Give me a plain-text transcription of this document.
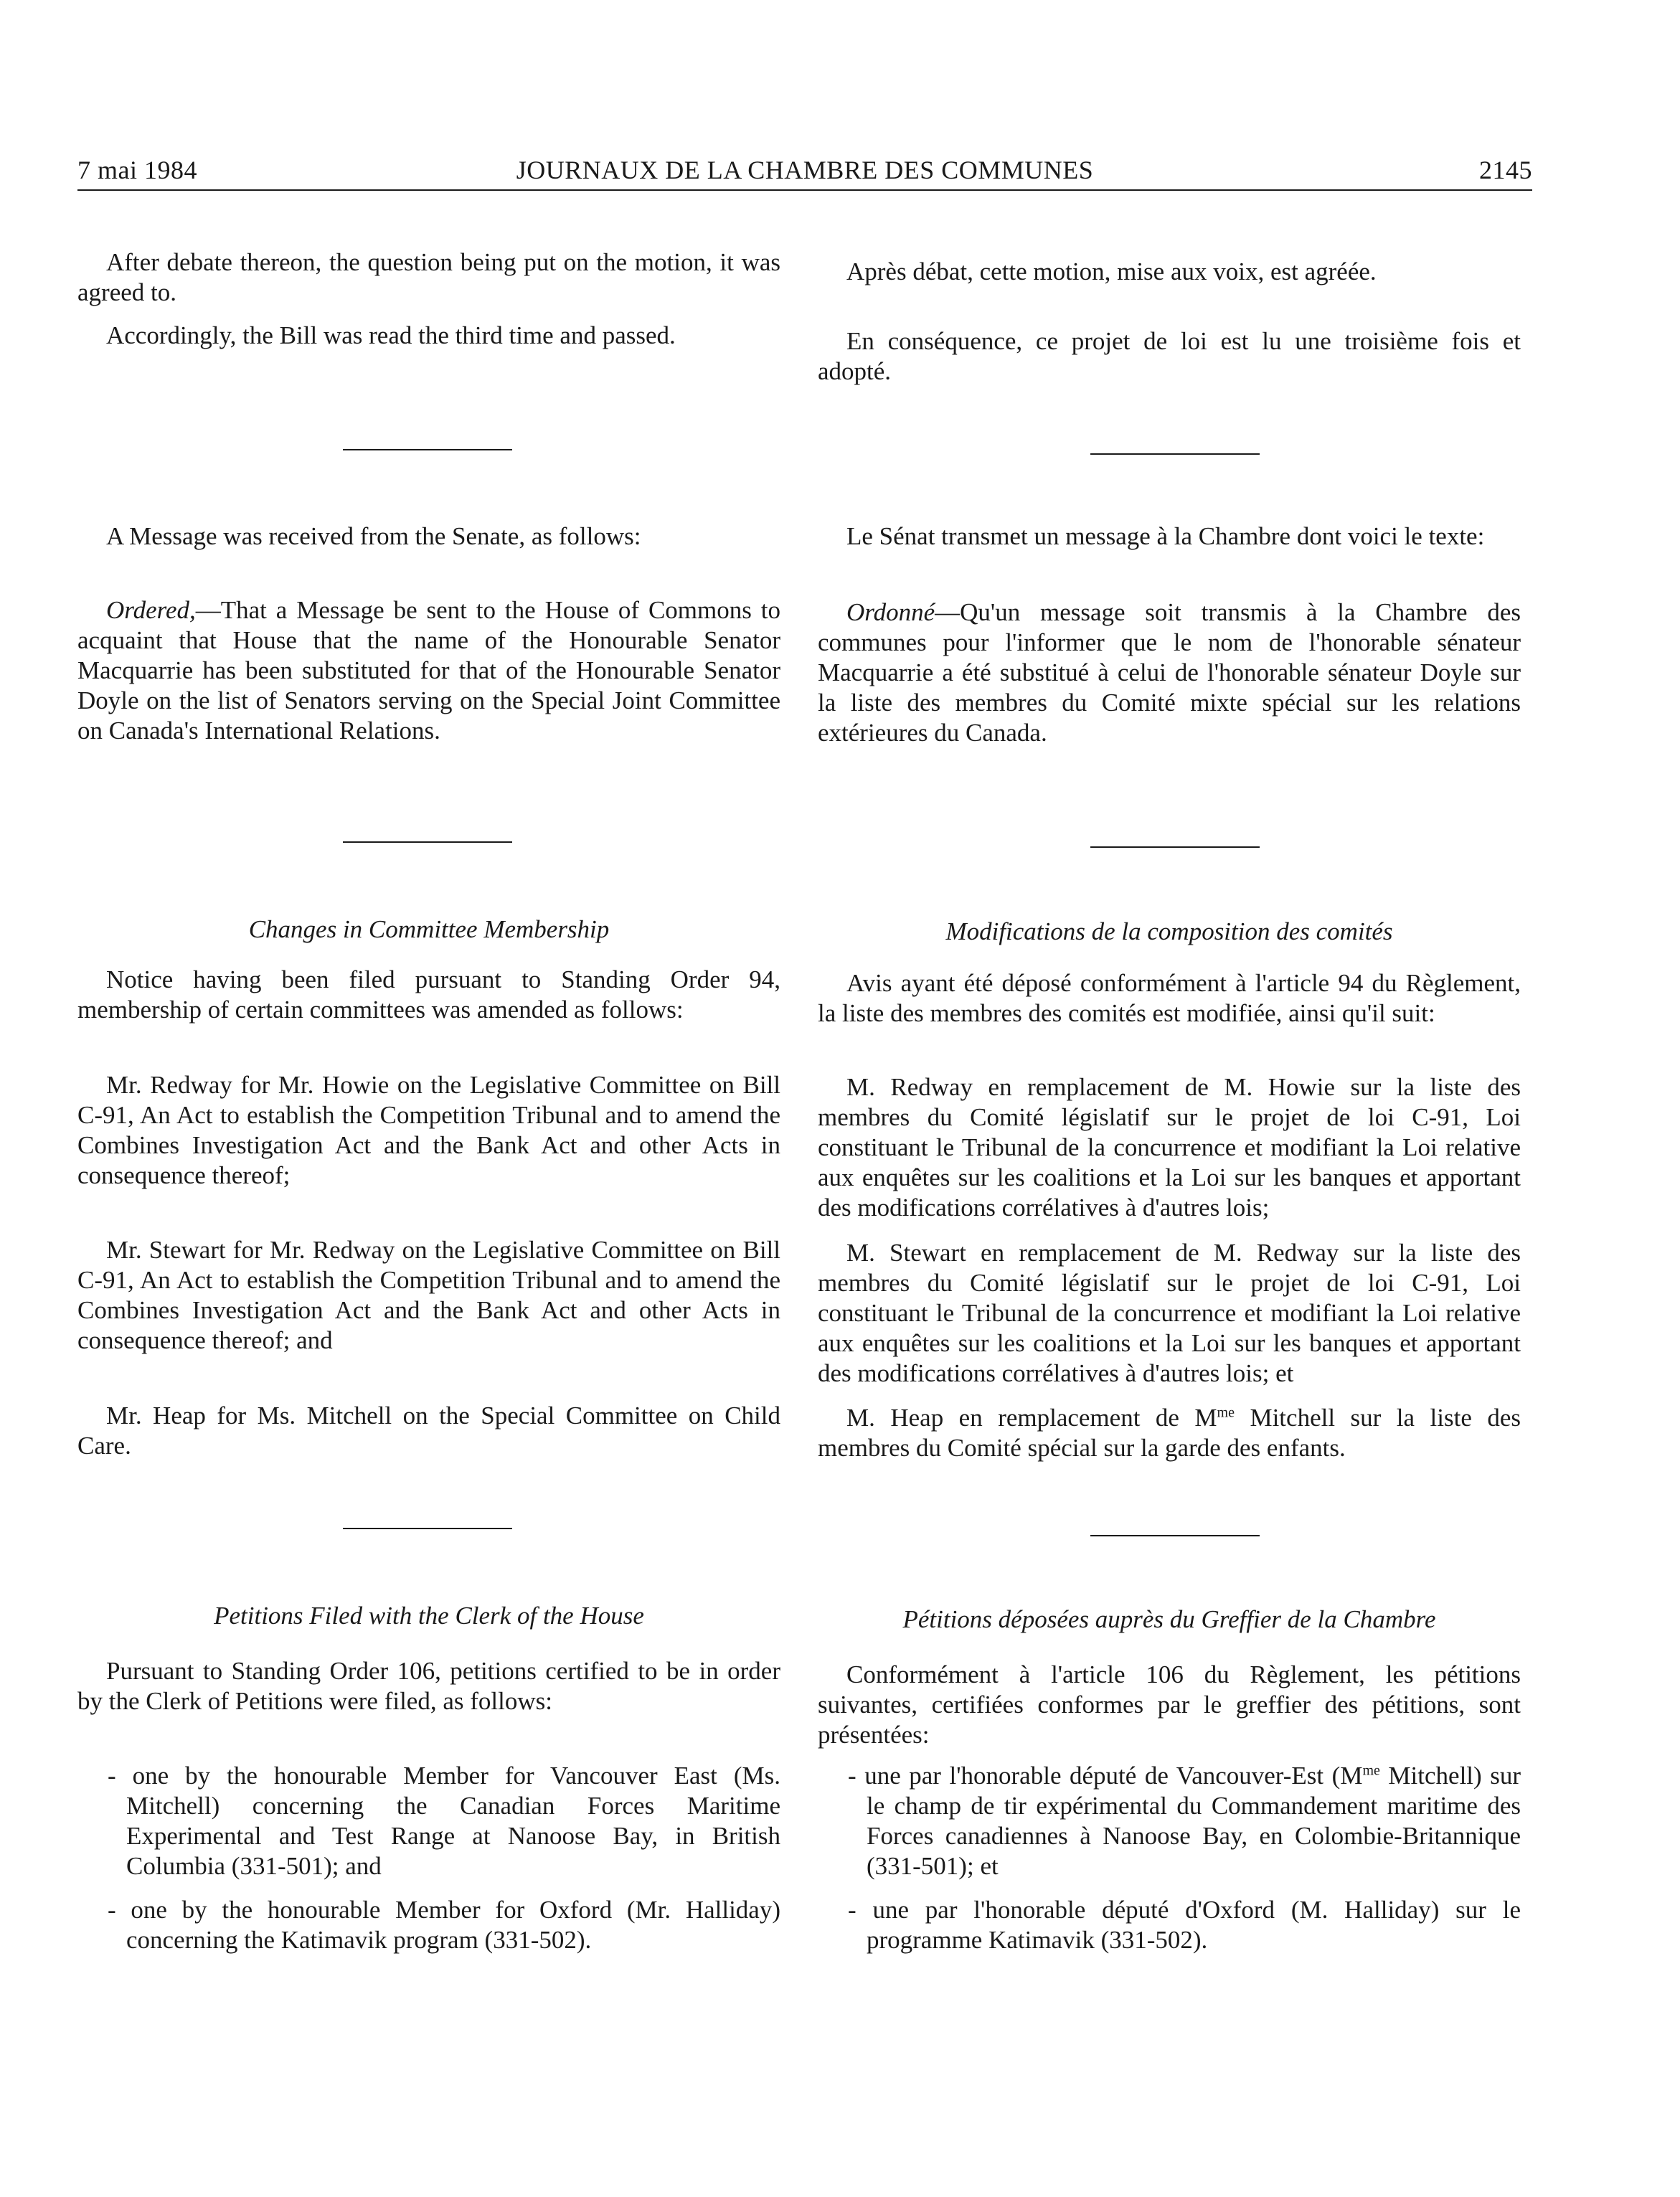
7 mai 1984	JOURNAUX DE LA CHAMBRE DES COMMUNES	2145

After debate thereon, the question being put on the motion, it was agreed to.

Accordingly, the Bill was read the third time and passed.

A Message was received from the Senate, as follows:

Ordered,—That a Message be sent to the House of Commons to acquaint that House that the name of the Honourable Senator Macquarrie has been substituted for that of the Honourable Senator Doyle on the list of Senators serving on the Special Joint Committee on Canada's International Relations.

Changes in Committee Membership

Notice having been filed pursuant to Standing Order 94, membership of certain committees was amended as follows:

Mr. Redway for Mr. Howie on the Legislative Committee on Bill C-91, An Act to establish the Competition Tribunal and to amend the Combines Investigation Act and the Bank Act and other Acts in consequence thereof;

Mr. Stewart for Mr. Redway on the Legislative Committee on Bill C-91, An Act to establish the Competition Tribunal and to amend the Combines Investigation Act and the Bank Act and other Acts in consequence thereof; and

Mr. Heap for Ms. Mitchell on the Special Committee on Child Care.

Petitions Filed with the Clerk of the House

Pursuant to Standing Order 106, petitions certified to be in order by the Clerk of Petitions were filed, as follows:

- one by the honourable Member for Vancouver East (Ms. Mitchell) concerning the Canadian Forces Maritime Experimental and Test Range at Nanoose Bay, in British Columbia (331-501); and

- one by the honourable Member for Oxford (Mr. Halliday) concerning the Katimavik program (331-502).

Après débat, cette motion, mise aux voix, est agréée.

En conséquence, ce projet de loi est lu une troisième fois et adopté.

Le Sénat transmet un message à la Chambre dont voici le texte:

Ordonné—Qu'un message soit transmis à la Chambre des communes pour l'informer que le nom de l'honorable sénateur Macquarrie a été substitué à celui de l'honorable sénateur Doyle sur la liste des membres du Comité mixte spécial sur les relations extérieures du Canada.

Modifications de la composition des comités

Avis ayant été déposé conformément à l'article 94 du Règlement, la liste des membres des comités est modifiée, ainsi qu'il suit:

M. Redway en remplacement de M. Howie sur la liste des membres du Comité législatif sur le projet de loi C-91, Loi constituant le Tribunal de la concurrence et modifiant la Loi relative aux enquêtes sur les coalitions et la Loi sur les banques et apportant des modifications corrélatives à d'autres lois;

M. Stewart en remplacement de M. Redway sur la liste des membres du Comité législatif sur le projet de loi C-91, Loi constituant le Tribunal de la concurrence et modifiant la Loi relative aux enquêtes sur les coalitions et la Loi sur les banques et apportant des modifications corrélatives à d'autres lois; et

M. Heap en remplacement de $M^{me}$ Mitchell sur la liste des membres du Comité spécial sur la garde des enfants.

Pétitions déposées auprès du Greffier de la Chambre

Conformément à l'article 106 du Règlement, les pétitions suivantes, certifiées conformes par le greffier des pétitions, sont présentées:

- une par l'honorable député de Vancouver-Est ($M^{me}$ Mitchell) sur le champ de tir expérimental du Commandement maritime des Forces canadiennes à Nanoose Bay, en Colombie-Britannique (331-501); et

- une par l'honorable député d'Oxford (M. Halliday) sur le programme Katimavik (331-502).
